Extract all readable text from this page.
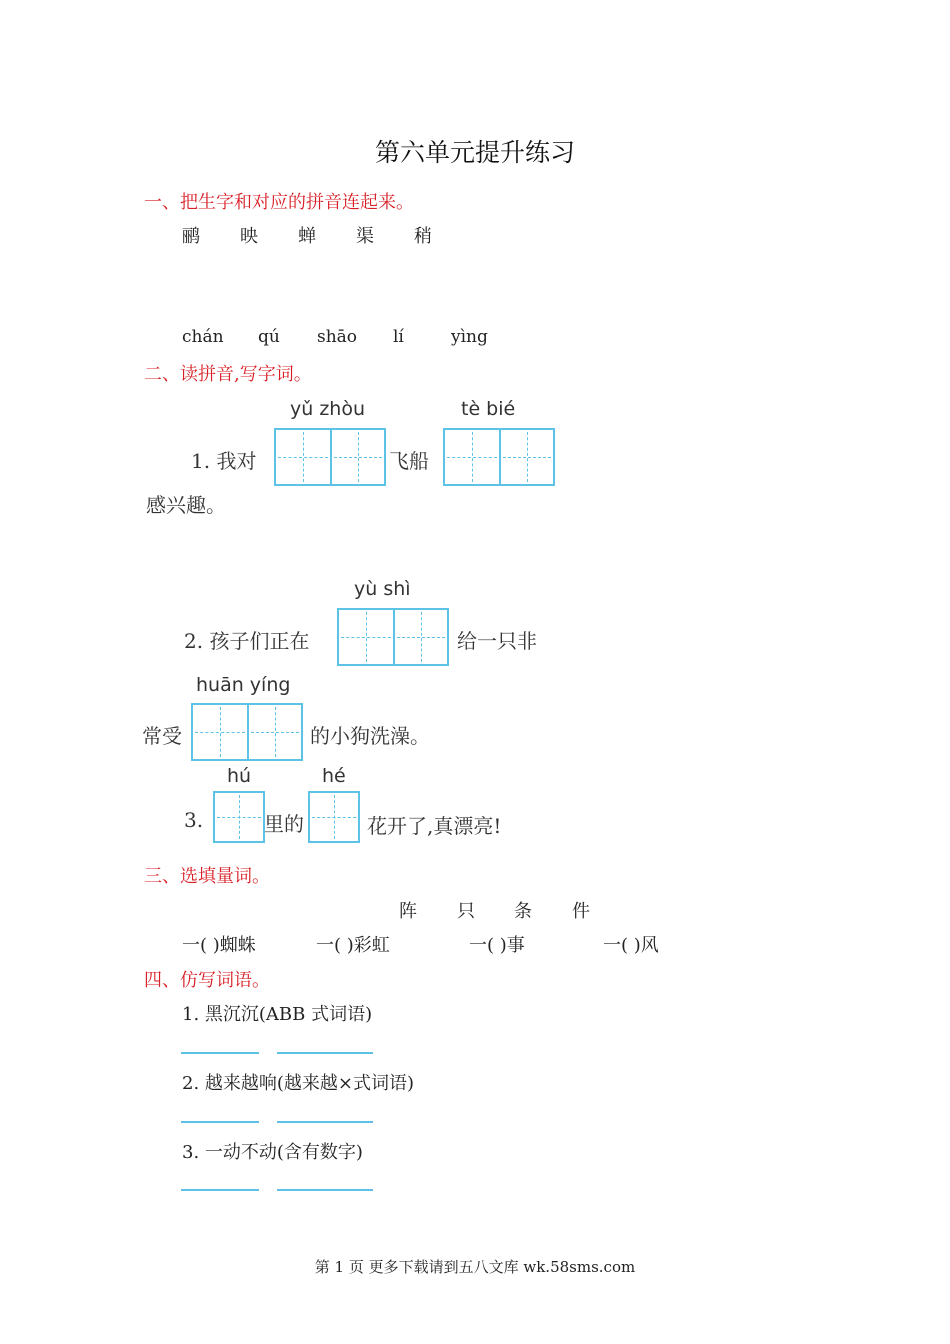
第六单元提升练习
一、把生字和对应的拼音连起来。
鹂 映 蝉 渠 稍
chán qú shāo lí	yìng
二、读拼音,写字词。
yǔ zhòu	tè bié
1. 我对	飞船
感兴趣。
yù shì
2. 孩子们正在	给一只非
huān yíng
常受	的小狗洗澡。
hú	hé
3.	里的	花开了,真漂亮!
三、选填量词。
阵 只 条 件
一( )蜘蛛	一( )彩虹	一( )事	一( )风
四、仿写词语。
1. 黑沉沉(ABB 式词语)
2. 越来越响(越来越×式词语)
3. 一动不动(含有数字)
第 1 页 更多下载请到五八文库 wk.58sms.com
